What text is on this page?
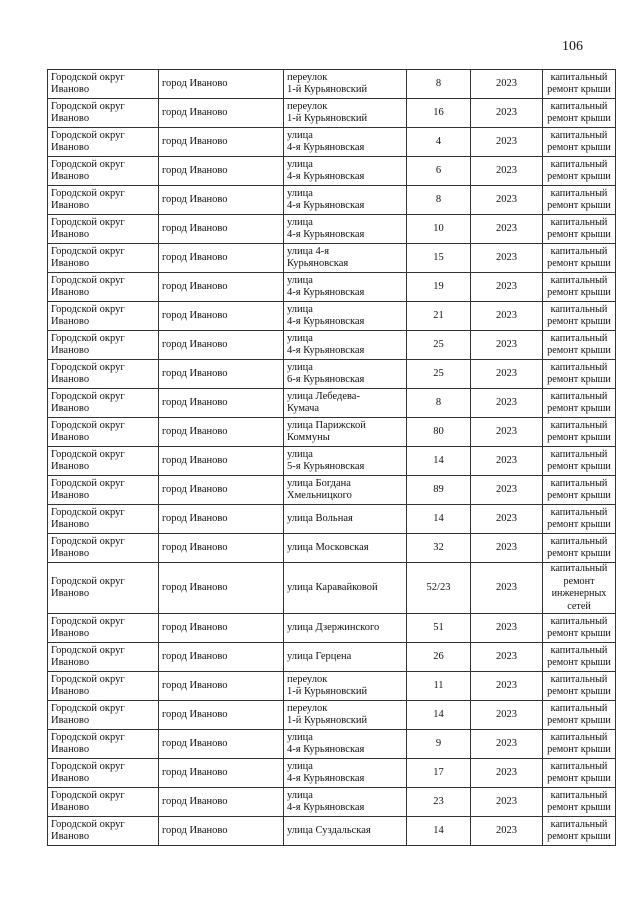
106
Городской округ
Иваново	город Иваново	переулок
1-й Курьяновский	8	2023	капитальный
ремонт крыши

Городской округ
Иваново	город Иваново	переулок
1-й Курьяновский	16	2023	капитальный
ремонт крыши

Городской округ
Иваново	город Иваново	улица
4-я Курьяновская	4	2023	капитальный
ремонт крыши

Городской округ
Иваново	город Иваново	улица
4-я Курьяновская	6	2023	капитальный
ремонт крыши

Городской округ
Иваново	город Иваново	улица
4-я Курьяновская	8	2023	капитальный
ремонт крыши

Городской округ
Иваново	город Иваново	улица
4-я Курьяновская	10	2023	капитальный
ремонт крыши

Городской округ
Иваново	город Иваново	улица 4-я
Курьяновская	15	2023	капитальный
ремонт крыши

Городской округ
Иваново	город Иваново	улица
4-я Курьяновская	19	2023	капитальный
ремонт крыши

Городской округ
Иваново	город Иваново	улица
4-я Курьяновская	21	2023	капитальный
ремонт крыши

Городской округ
Иваново	город Иваново	улица
4-я Курьяновская	25	2023	капитальный
ремонт крыши

Городской округ
Иваново	город Иваново	улица
6-я Курьяновская	25	2023	капитальный
ремонт крыши

Городской округ
Иваново	город Иваново	улица Лебедева-
Кумача	8	2023	капитальный
ремонт крыши

Городской округ
Иваново	город Иваново	улица Парижской
Коммуны	80	2023	капитальный
ремонт крыши

Городской округ
Иваново	город Иваново	улица
5-я Курьяновская	14	2023	капитальный
ремонт крыши

Городской округ
Иваново	город Иваново	улица Богдана
Хмельницкого	89	2023	капитальный
ремонт крыши

Городской округ
Иваново	город Иваново	улица Вольная	14	2023	капитальный
ремонт крыши

Городской округ
Иваново	город Иваново	улица Московская	32	2023	капитальный
ремонт крыши

Городской округ
Иваново	город Иваново	улица Каравайковой	52/23	2023	капитальный
ремонт
инженерных
сетей

Городской округ
Иваново	город Иваново	улица Дзержинского	51	2023	капитальный
ремонт крыши

Городской округ
Иваново	город Иваново	улица Герцена	26	2023	капитальный
ремонт крыши

Городской округ
Иваново	город Иваново	переулок
1-й Курьяновский	11	2023	капитальный
ремонт крыши

Городской округ
Иваново	город Иваново	переулок
1-й Курьяновский	14	2023	капитальный
ремонт крыши

Городской округ
Иваново	город Иваново	улица
4-я Курьяновская	9	2023	капитальный
ремонт крыши

Городской округ
Иваново	город Иваново	улица
4-я Курьяновская	17	2023	капитальный
ремонт крыши

Городской округ
Иваново	город Иваново	улица
4-я Курьяновская	23	2023	капитальный
ремонт крыши

Городской округ
Иваново	город Иваново	улица Суздальская	14	2023	капитальный
ремонт крыши
